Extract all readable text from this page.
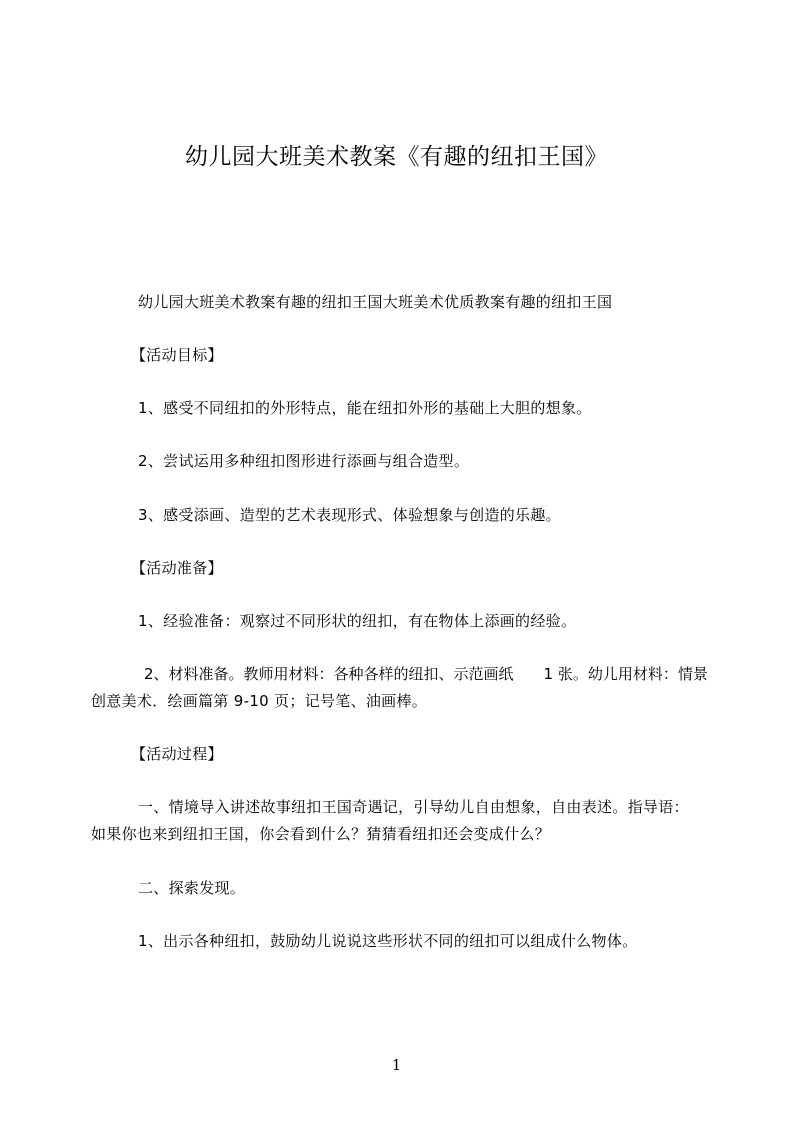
幼儿园大班美术教案《有趣的纽扣王国》
幼儿园大班美术教案有趣的纽扣王国大班美术优质教案有趣的纽扣王国
【活动目标】
1、感受不同纽扣的外形特点，能在纽扣外形的基础上大胆的想象。
2、尝试运用多种纽扣图形进行添画与组合造型。
3、感受添画、造型的艺术表现形式、体验想象与创造的乐趣。
【活动准备】
1、经验准备：观察过不同形状的纽扣，有在物体上添画的经验。
2、材料准备。教师用材料：各种各样的纽扣、示范画纸　　1 张。幼儿用材料：情景
创意美术．绘画篇第 9-10 页；记号笔、油画棒。
【活动过程】
一、情境导入讲述故事纽扣王国奇遇记，引导幼儿自由想象，自由表述。指导语：
如果你也来到纽扣王国，你会看到什么？猜猜看纽扣还会变成什么？
二、探索发现。
1、出示各种纽扣，鼓励幼儿说说这些形状不同的纽扣可以组成什么物体。
1
